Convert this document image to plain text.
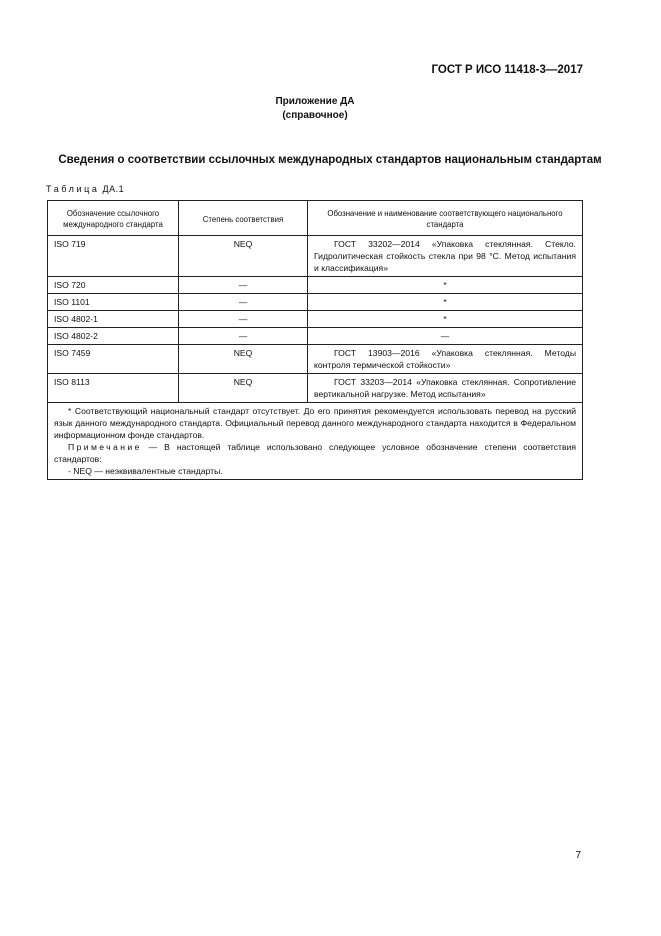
ГОСТ Р ИСО 11418-3—2017
Приложение ДА
(справочное)
Сведения о соответствии ссылочных международных стандартов национальным стандартам
Таблица ДА.1
Обозначение ссылочного международного стандарта	Степень соответствия	Обозначение и наименование соответствующего национального стандарта
ISO 719	NEQ	ГОСТ 33202—2014 «Упаковка стеклянная. Стекло. Гидролитическая стойкость стекла при 98 °С. Метод испытания и классификация»
ISO 720	—	*
ISO 1101	—	*
ISO 4802-1	—	*
ISO 4802-2	—	—
ISO 7459	NEQ	ГОСТ 13903—2016 «Упаковка стеклянная. Методы контроля термической стойкости»
ISO 8113	NEQ	ГОСТ 33203—2014 «Упаковка стеклянная. Сопротивление вертикальной нагрузке. Метод испытания»

* Соответствующий национальный стандарт отсутствует. До его принятия рекомендуется использовать перевод на русский язык данного международного стандарта. Официальный перевод данного международного стандарта находится в Федеральном информационном фонде стандартов.

Примечание — В настоящей таблице использовано следующее условное обозначение степени соответствия стандартов:

- NEQ — неэквивалентные стандарты.		

7
